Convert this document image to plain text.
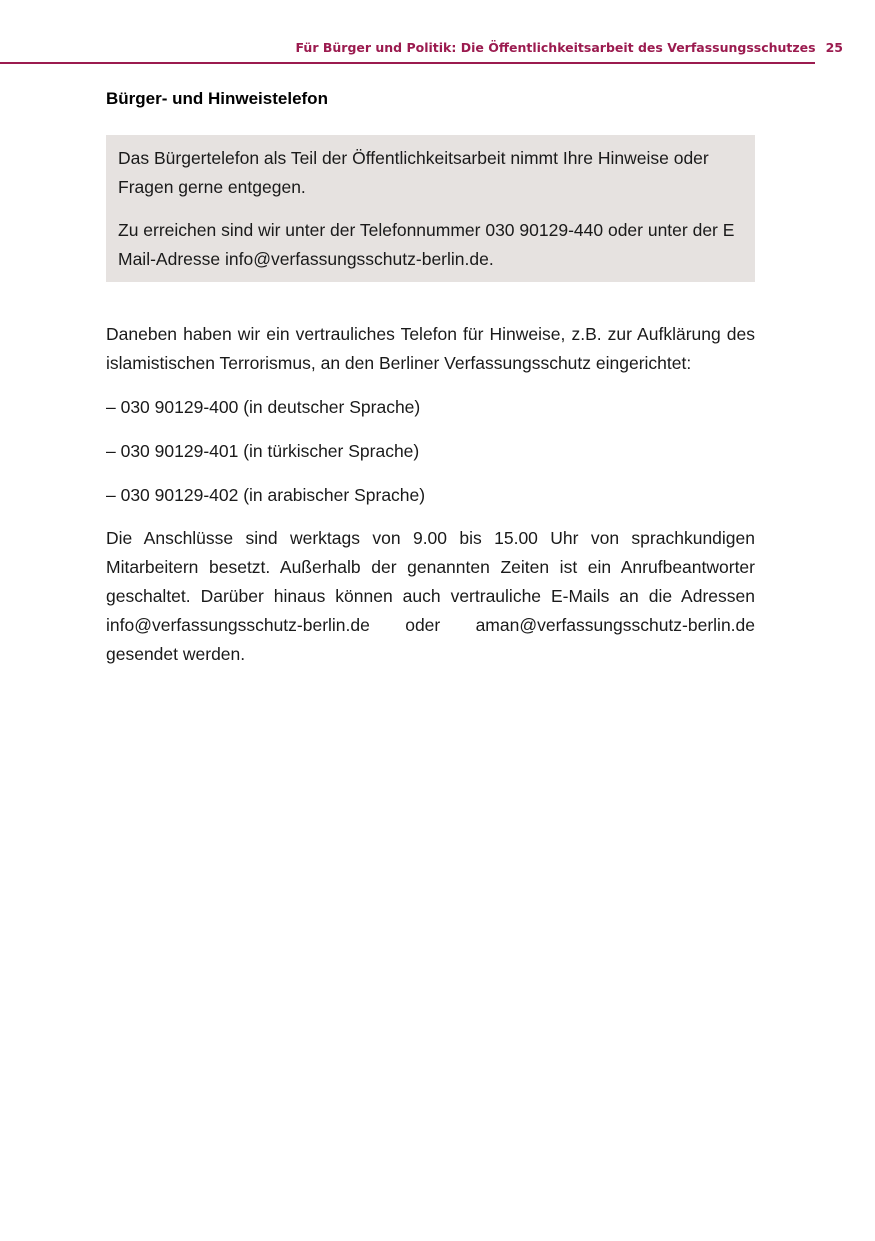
Für Bürger und Politik: Die Öffentlichkeitsarbeit des Verfassungsschutzes 25
Bürger- und Hinweistelefon

Das Bürgertelefon als Teil der Öffentlichkeitsarbeit nimmt Ihre Hinweise oder Fragen gerne entgegen.

Zu erreichen sind wir unter der Telefonnummer 030 90129-440 oder unter der E Mail-Adresse info@verfassungsschutz-berlin.de.

Daneben haben wir ein vertrauliches Telefon für Hinweise, z.B. zur Aufklärung des islamistischen Terrorismus, an den Berliner Verfassungsschutz eingerichtet:

– 030 90129-400 (in deutscher Sprache)

– 030 90129-401 (in türkischer Sprache)

– 030 90129-402 (in arabischer Sprache)

Die Anschlüsse sind werktags von 9.00 bis 15.00 Uhr von sprachkundigen Mitarbeitern besetzt. Außerhalb der genannten Zeiten ist ein Anrufbeantworter geschaltet. Darüber hinaus können auch vertrauliche E-Mails an die Adressen info@verfassungsschutz-berlin.de oder aman@verfassungsschutz-berlin.de gesendet werden.
